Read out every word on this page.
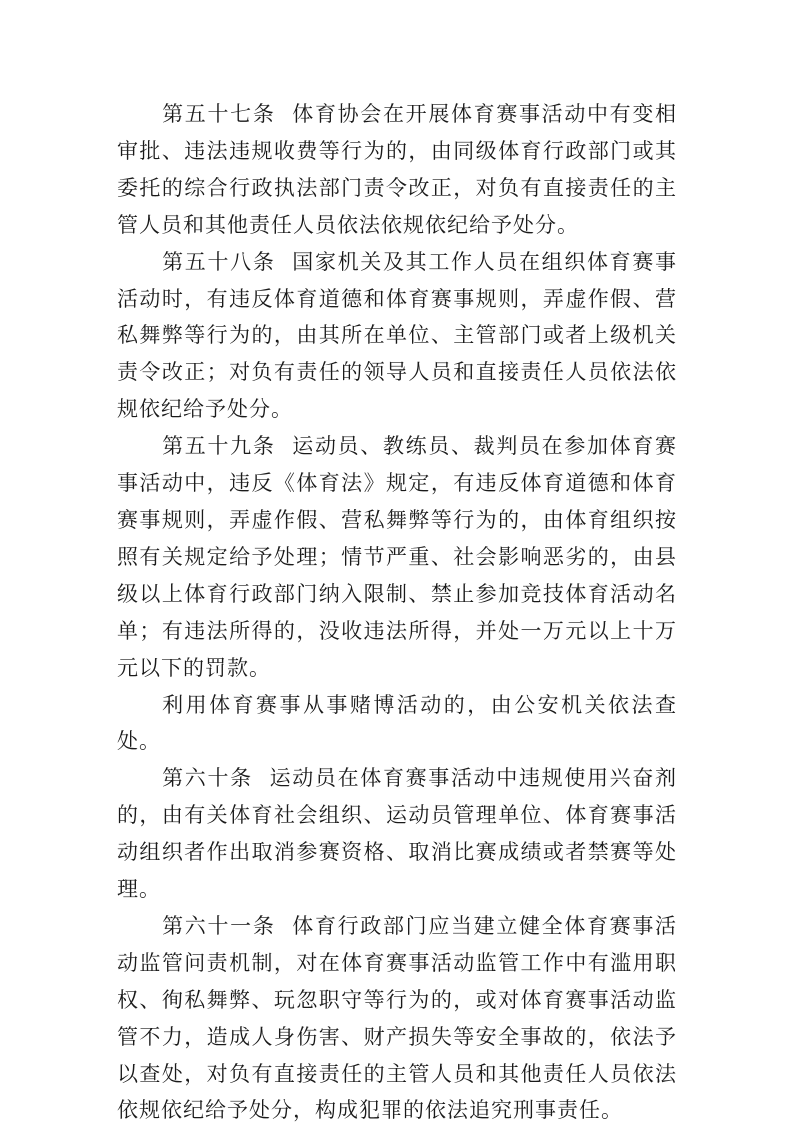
第五十七条 体育协会在开展体育赛事活动中有变相审批、违法违规收费等行为的，由同级体育行政部门或其委托的综合行政执法部门责令改正，对负有直接责任的主管人员和其他责任人员依法依规依纪给予处分。

第五十八条 国家机关及其工作人员在组织体育赛事活动时，有违反体育道德和体育赛事规则，弄虚作假、营私舞弊等行为的，由其所在单位、主管部门或者上级机关责令改正；对负有责任的领导人员和直接责任人员依法依规依纪给予处分。

第五十九条 运动员、教练员、裁判员在参加体育赛事活动中，违反《体育法》规定，有违反体育道德和体育赛事规则，弄虚作假、营私舞弊等行为的，由体育组织按照有关规定给予处理；情节严重、社会影响恶劣的，由县级以上体育行政部门纳入限制、禁止参加竞技体育活动名单；有违法所得的，没收违法所得，并处一万元以上十万元以下的罚款。

利用体育赛事从事赌博活动的，由公安机关依法查处。

第六十条 运动员在体育赛事活动中违规使用兴奋剂的，由有关体育社会组织、运动员管理单位、体育赛事活动组织者作出取消参赛资格、取消比赛成绩或者禁赛等处理。

第六十一条 体育行政部门应当建立健全体育赛事活动监管问责机制，对在体育赛事活动监管工作中有滥用职权、徇私舞弊、玩忽职守等行为的，或对体育赛事活动监管不力，造成人身伤害、财产损失等安全事故的，依法予以查处，对负有直接责任的主管人员和其他责任人员依法依规依纪给予处分，构成犯罪的依法追究刑事责任。
